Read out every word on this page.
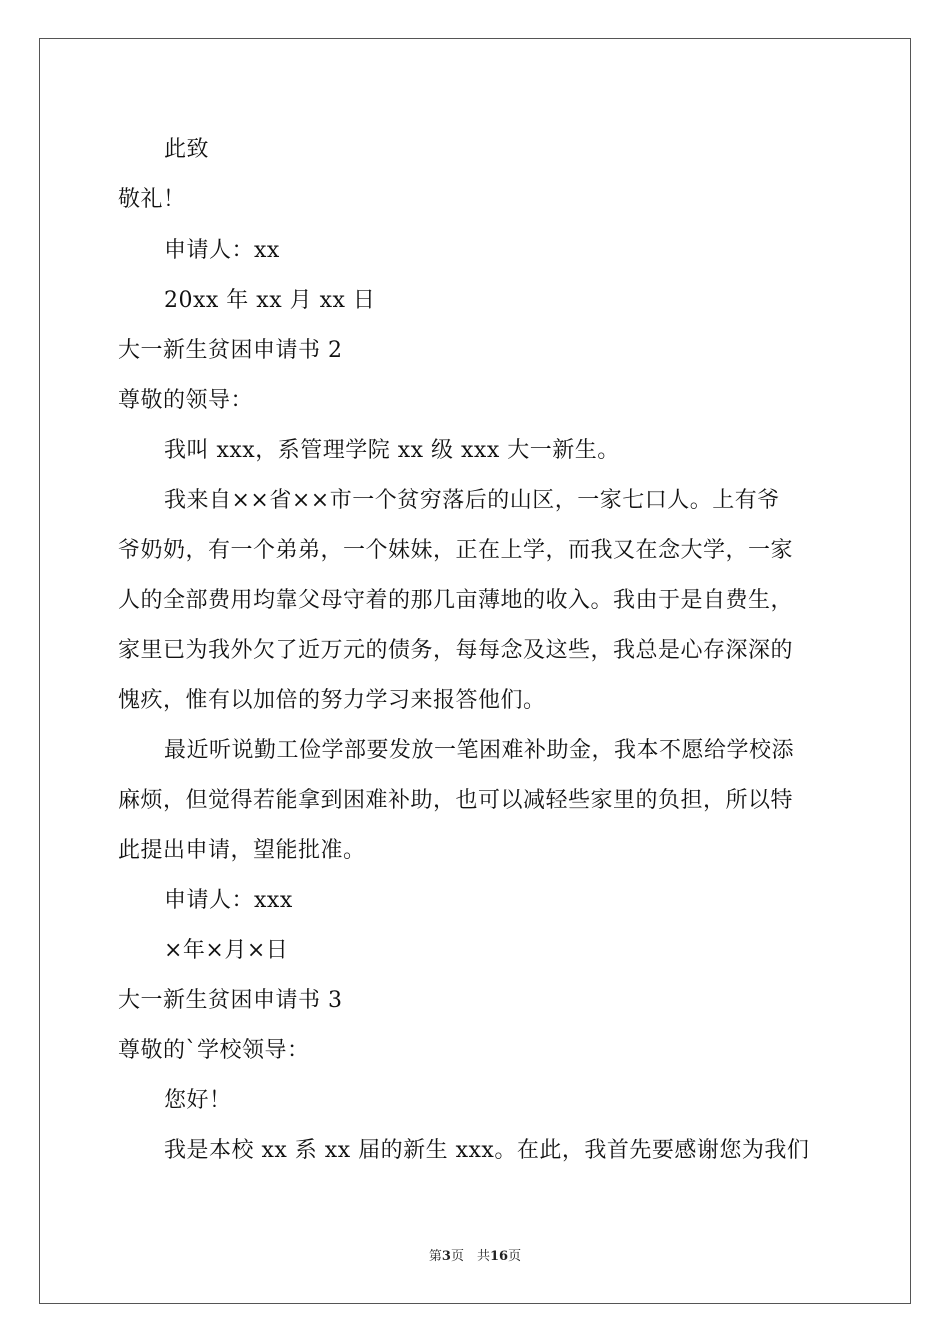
此致
敬礼！
申请人：xx
20xx 年 xx 月 xx 日
大一新生贫困申请书 2
尊敬的领导：
我叫 xxx，系管理学院 xx 级 xxx 大一新生。
我来自××省××市一个贫穷落后的山区，一家七口人。上有爷
爷奶奶，有一个弟弟，一个妹妹，正在上学，而我又在念大学，一家
人的全部费用均靠父母守着的那几亩薄地的收入。我由于是自费生，
家里已为我外欠了近万元的债务，每每念及这些，我总是心存深深的
愧疚，惟有以加倍的努力学习来报答他们。
最近听说勤工俭学部要发放一笔困难补助金，我本不愿给学校添
麻烦，但觉得若能拿到困难补助，也可以减轻些家里的负担，所以特
此提出申请，望能批准。
申请人：xxx
×年×月×日
大一新生贫困申请书 3
尊敬的`学校领导：
您好！
我是本校 xx 系 xx 届的新生 xxx。在此，我首先要感谢您为我们
第3页　共16页
